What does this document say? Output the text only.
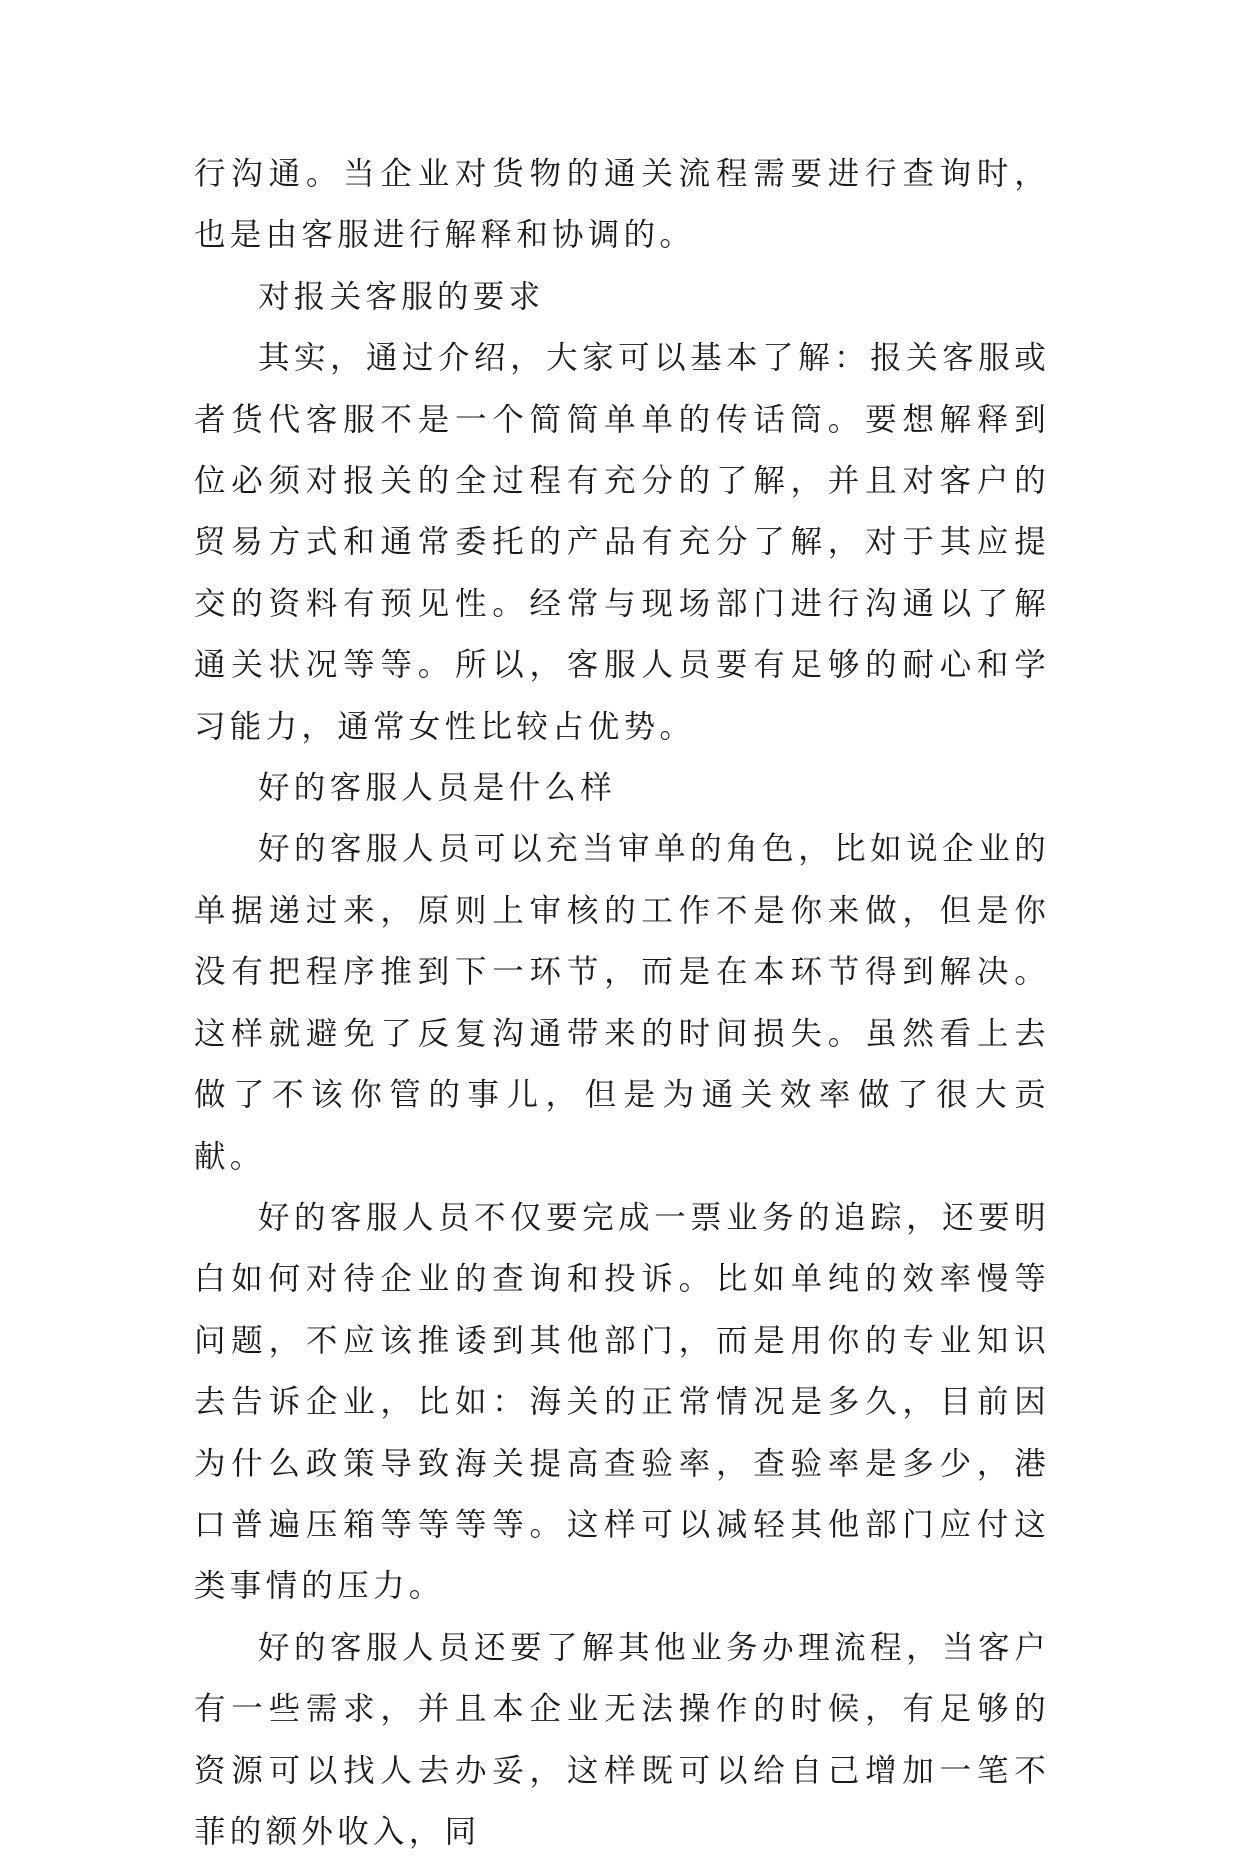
行沟通。当企业对货物的通关流程需要进行查询时，也是由客服进行解释和协调的。

对报关客服的要求

其实，通过介绍，大家可以基本了解：报关客服或者货代客服不是一个简简单单的传话筒。要想解释到位必须对报关的全过程有充分的了解，并且对客户的贸易方式和通常委托的产品有充分了解，对于其应提交的资料有预见性。经常与现场部门进行沟通以了解通关状况等等。所以，客服人员要有足够的耐心和学习能力，通常女性比较占优势。

好的客服人员是什么样

好的客服人员可以充当审单的角色，比如说企业的单据递过来，原则上审核的工作不是你来做，但是你没有把程序推到下一环节，而是在本环节得到解决。这样就避免了反复沟通带来的时间损失。虽然看上去做了不该你管的事儿，但是为通关效率做了很大贡献。

好的客服人员不仅要完成一票业务的追踪，还要明白如何对待企业的查询和投诉。比如单纯的效率慢等问题，不应该推诿到其他部门，而是用你的专业知识去告诉企业，比如：海关的正常情况是多久，目前因为什么政策导致海关提高查验率，查验率是多少，港口普遍压箱等等等等。这样可以减轻其他部门应付这类事情的压力。

好的客服人员还要了解其他业务办理流程，当客户有一些需求，并且本企业无法操作的时候，有足够的资源可以找人去办妥，这样既可以给自己增加一笔不菲的额外收入，同
